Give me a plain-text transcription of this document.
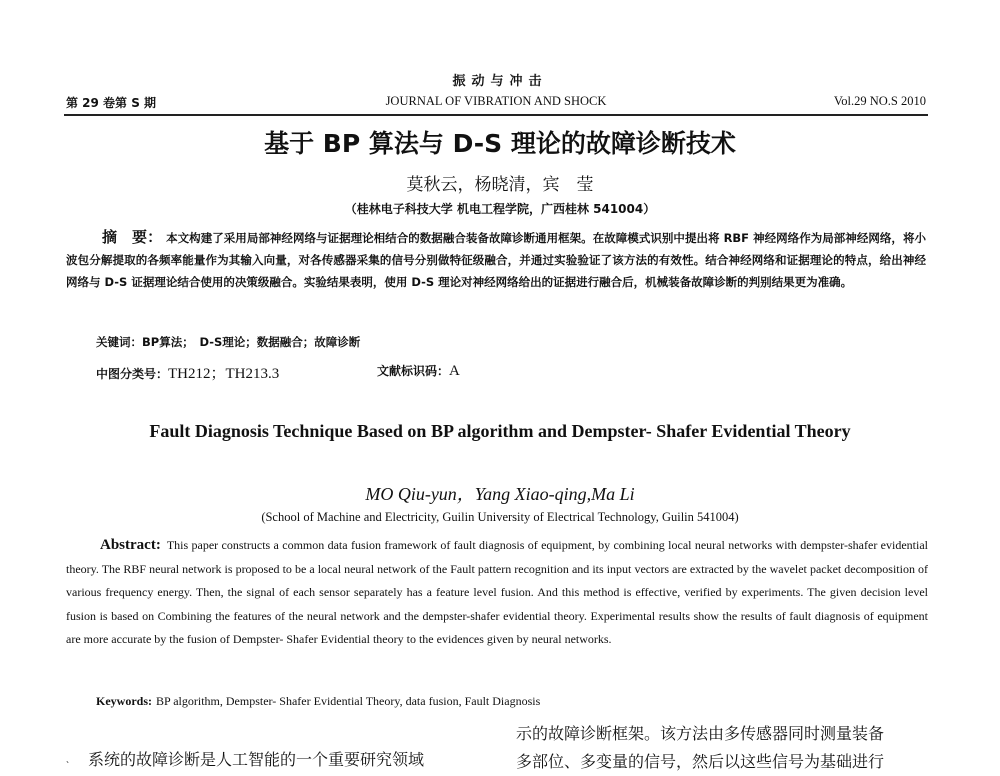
振动与冲击
第 29 卷第 S 期	JOURNAL OF VIBRATION AND SHOCK	Vol.29 NO.S 2010
基于 BP 算法与 D-S 理论的故障诊断技术
莫秋云，杨晓清，宾　莹
（桂林电子科技大学 机电工程学院，广西桂林 541004）
摘　要： 本文构建了采用局部神经网络与证据理论相结合的数据融合装备故障诊断通用框架。在故障模式识别中提出将 RBF 神经网络作为局部神经网络，将小波包分解提取的各频率能量作为其输入向量，对各传感器采集的信号分别做特征级融合，并通过实验验证了该方法的有效性。结合神经网络和证据理论的特点，给出神经网络与 D-S 证据理论结合使用的决策级融合。实验结果表明，使用 D-S 理论对神经网络给出的证据进行融合后，机械装备故障诊断的判别结果更为准确。
关键词：BP算法；　D-S理论；数据融合；故障诊断
中图分类号：TH212；TH213.3	文献标识码：A
Fault Diagnosis Technique Based on BP algorithm and Dempster- Shafer Evidential Theory
MO Qiu-yun，Yang Xiao-qing,Ma Li
(School of Machine and Electricity, Guilin University of Electrical Technology, Guilin 541004)
Abstract: This paper constructs a common data fusion framework of fault diagnosis of equipment, by combining local neural networks with dempster-shafer evidential theory. The RBF neural network is proposed to be a local neural network of the Fault pattern recognition and its input vectors are extracted by the wavelet packet decomposition of various frequency energy. Then, the signal of each sensor separately has a feature level fusion. And this method is effective, verified by experiments. The given decision level fusion is based on Combining the features of the neural network and the dempster-shafer evidential theory. Experimental results show the results of fault diagnosis of equipment are more accurate by the fusion of Dempster- Shafer Evidential theory to the evidences given by neural networks.
Keywords: BP algorithm, Dempster- Shafer Evidential Theory, data fusion, Fault Diagnosis
示的故障诊断框架。该方法由多传感器同时测量装备
多部位、多变量的信号，然后以这些信号为基础进行
、 系统的故障诊断是人工智能的一个重要研究领域
